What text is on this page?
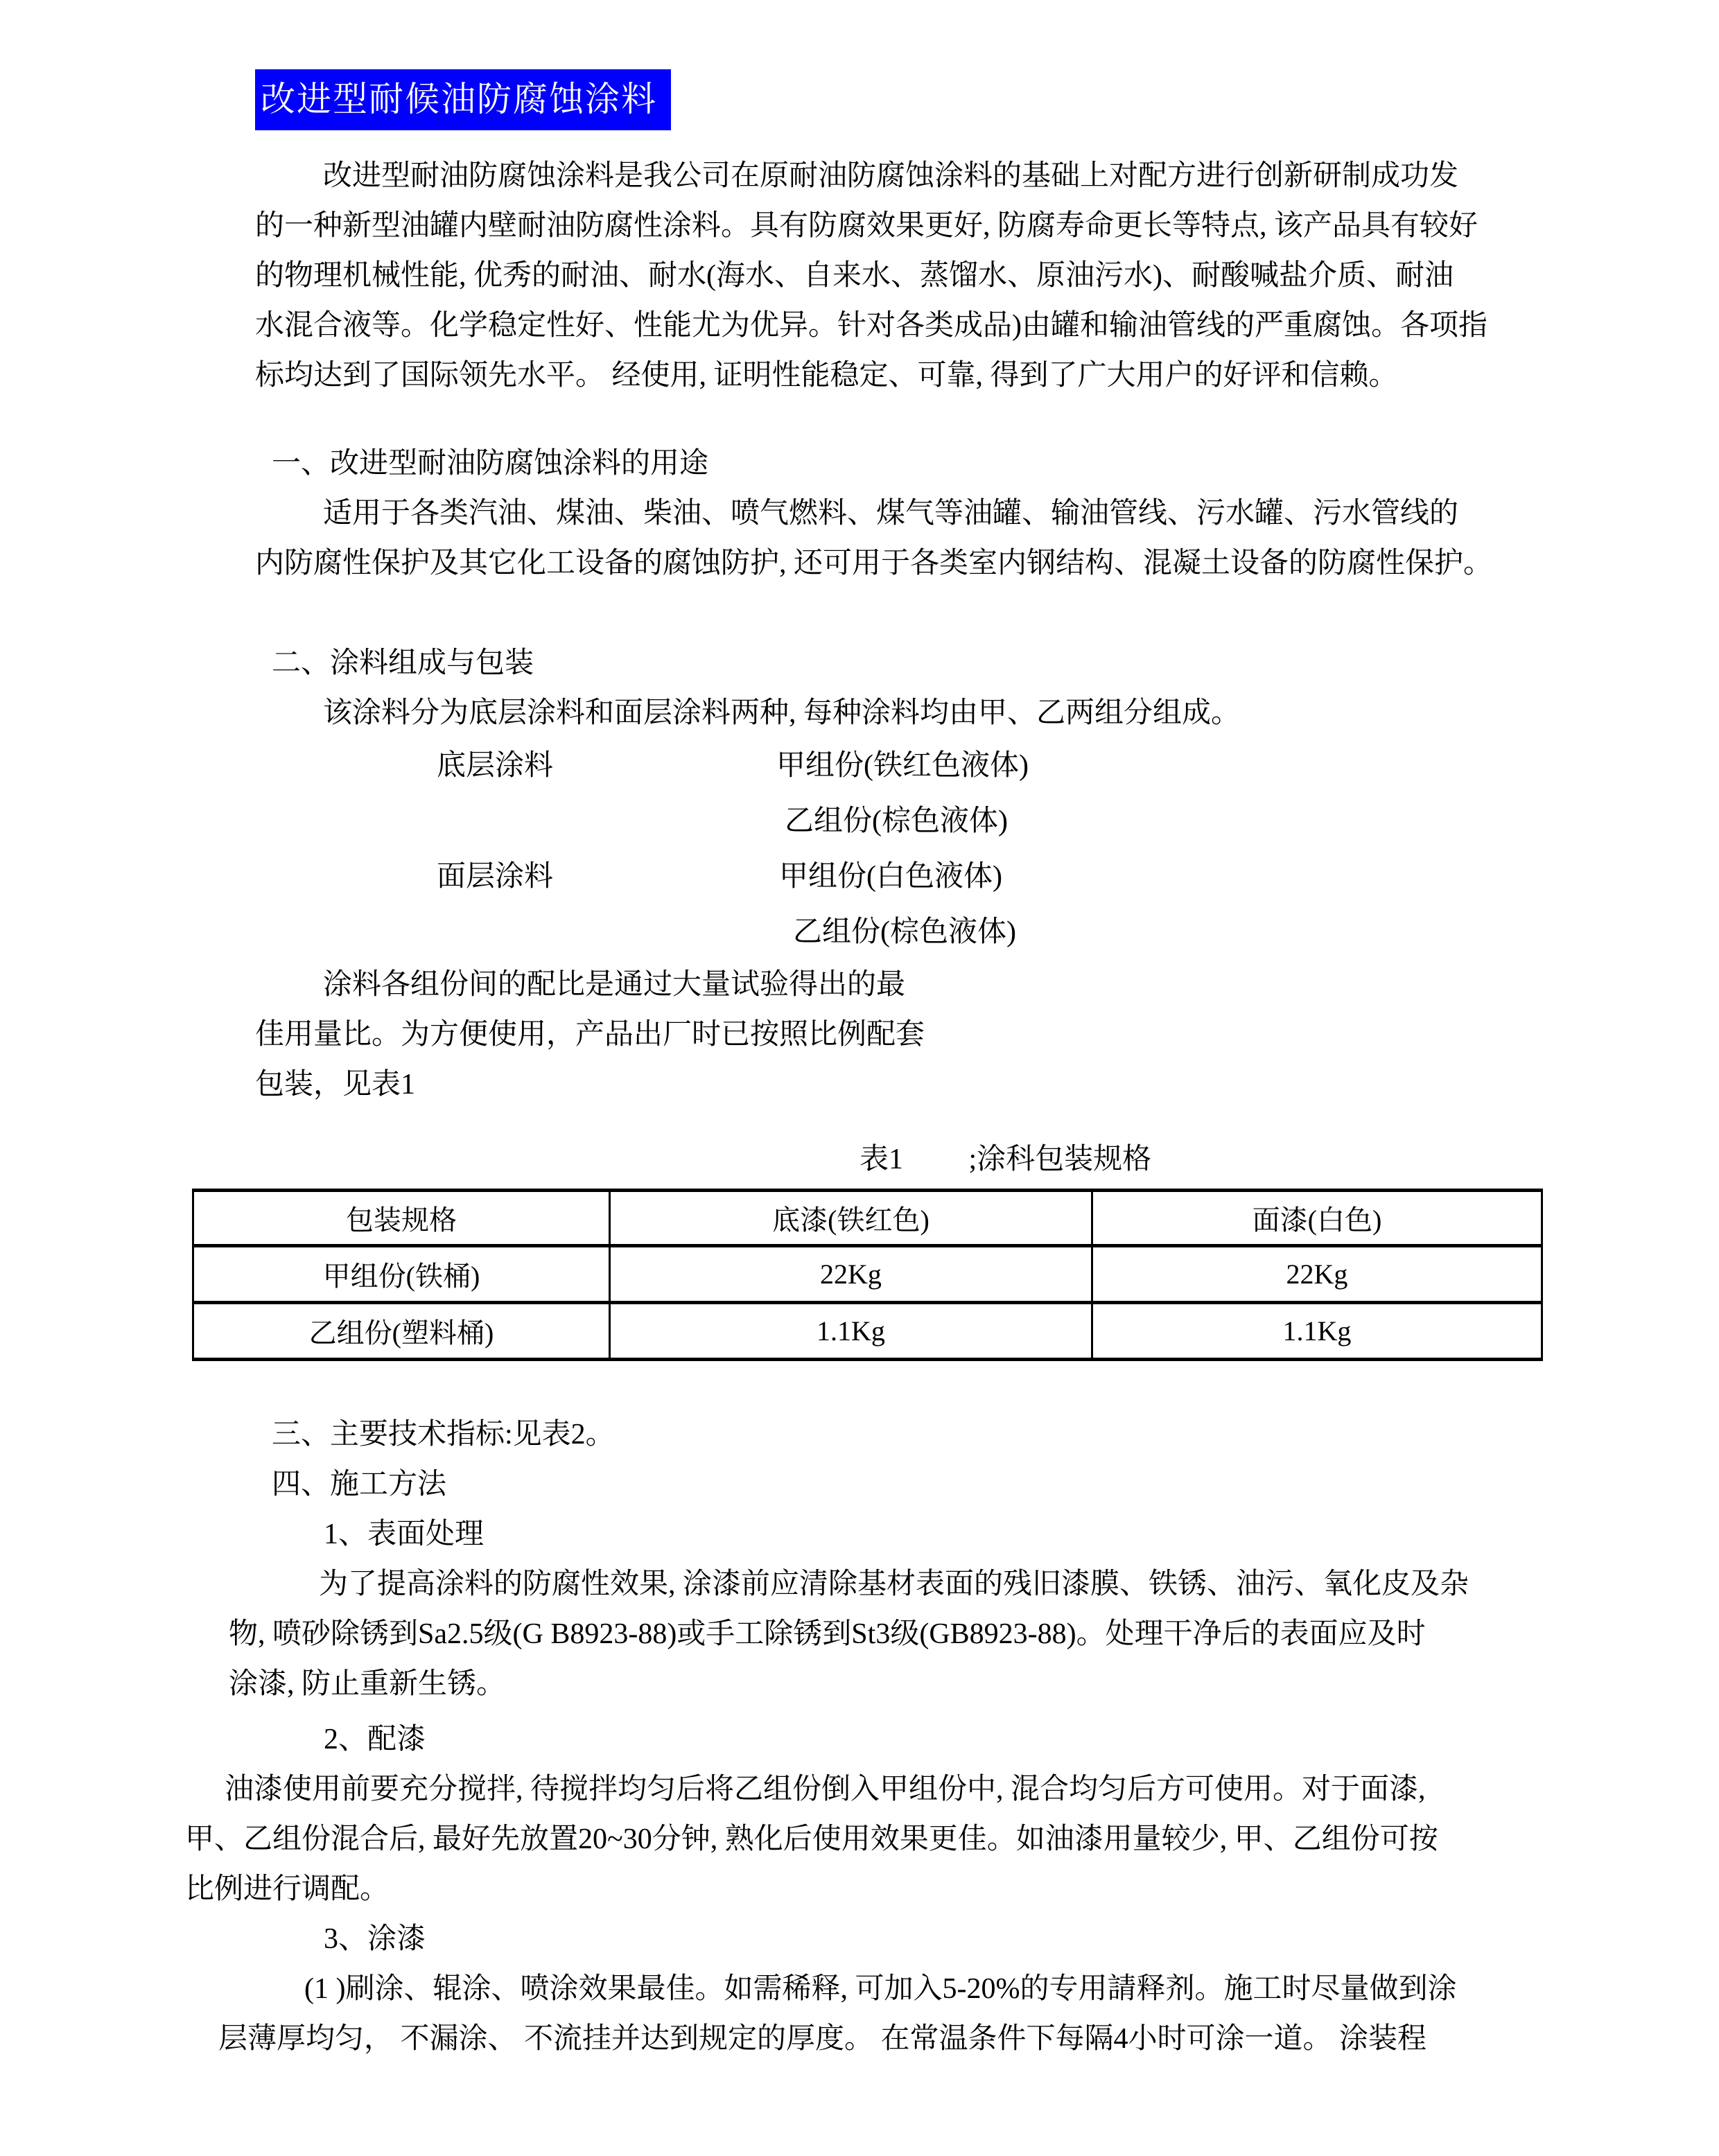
改进型耐候油防腐蚀涂料
改进型耐油防腐蚀涂料是我公司在原耐油防腐蚀涂料的基础上对配方进行创新研制成功发
的一种新型油罐内壁耐油防腐性涂料。具有防腐效果更好, 防腐寿命更长等特点, 该产品具有较好
的物理机械性能, 优秀的耐油、耐水(海水、自来水、蒸馏水、原油污水)、耐酸喊盐介质、耐油
水混合液等。化学稳定性好、性能尤为优异。针对各类成品)由罐和输油管线的严重腐蚀。各项指
标均达到了国际领先水平。 经使用, 证明性能稳定、可靠, 得到了广大用户的好评和信赖。
一、改进型耐油防腐蚀涂料的用途
适用于各类汽油、煤油、柴油、喷气燃料、煤气等油罐、输油管线、污水罐、污水管线的
内防腐性保护及其它化工设备的腐蚀防护, 还可用于各类室内钢结构、混凝土设备的防腐性保护。
二、涂料组成与包装
该涂料分为底层涂料和面层涂料两种, 每种涂料均由甲、乙两组分组成。
底层涂料	甲组份(铁红色液体)
乙组份(棕色液体)
面层涂料	甲组份(白色液体)
乙组份(棕色液体)
涂料各组份间的配比是通过大量试验得出的最
佳用量比。为方便使用，产品出厂时已按照比例配套
包装，见表1
表1　　 ;涂科包装规格
包装规格	底漆(铁红色)	面漆(白色)
甲组份(铁桶)	22Kg	22Kg
乙组份(塑料桶)	1.1Kg	1.1Kg
三、主要技术指标:见表2。
四、施工方法
1、表面处理
为了提高涂料的防腐性效果, 涂漆前应清除基材表面的残旧漆膜、铁锈、油污、氧化皮及杂
物, 喷砂除锈到Sa2.5级(G B8923-88)或手工除锈到St3级(GB8923-88)。处理干净后的表面应及时
涂漆, 防止重新生锈。
2、配漆
油漆使用前要充分搅拌, 待搅拌均匀后将乙组份倒入甲组份中, 混合均匀后方可使用。对于面漆,
甲、乙组份混合后, 最好先放置20~30分钟, 熟化后使用效果更佳。如油漆用量较少, 甲、乙组份可按
比例进行调配。
3、涂漆
(1 )刷涂、辊涂、喷涂效果最佳。如需稀释, 可加入5-20%的专用請释剂。施工时尽量做到涂
层薄厚均匀， 不漏涂、 不流挂并达到规定的厚度。 在常温条件下每隔4小时可涂一道。 涂装程
